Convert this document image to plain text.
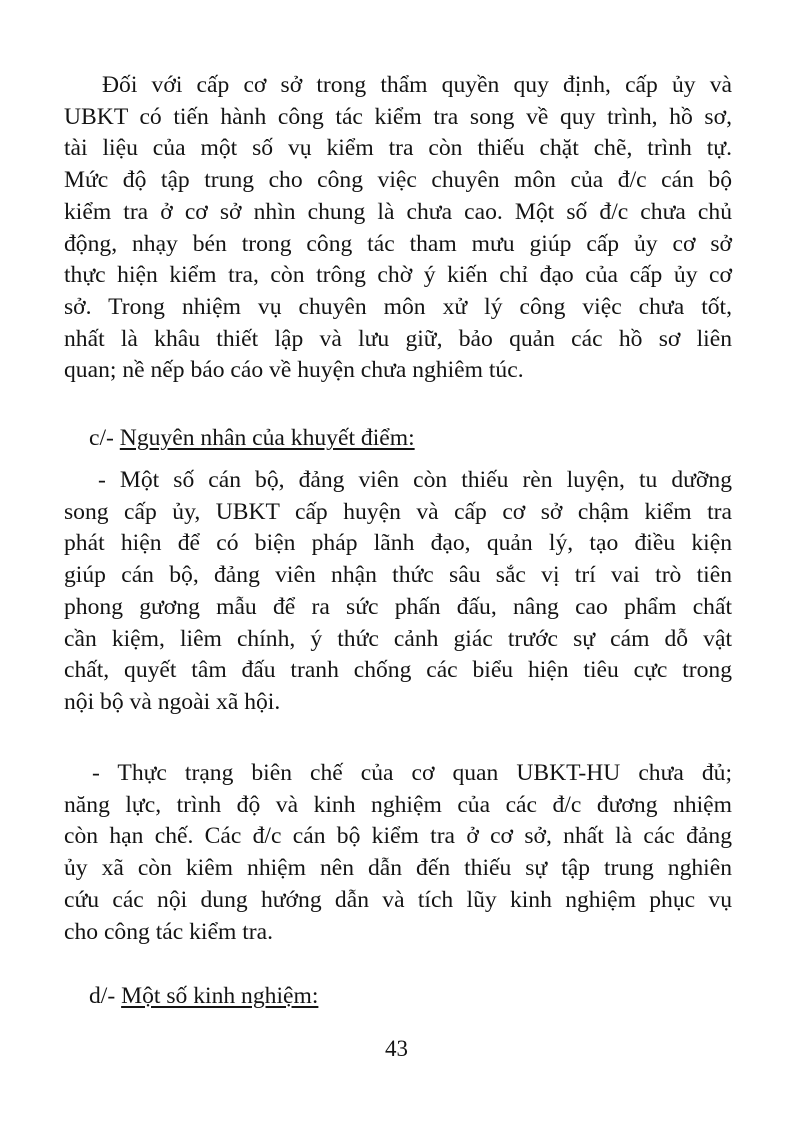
Đối với cấp cơ sở trong thẩm quyền quy định, cấp ủy và
UBKT có tiến hành công tác kiểm tra song về quy trình, hồ sơ,
tài liệu của một số vụ kiểm tra còn thiếu chặt chẽ, trình tự.
Mức độ tập trung cho công việc chuyên môn của đ/c cán bộ
kiểm tra ở cơ sở nhìn chung là chưa cao. Một số đ/c chưa chủ
động, nhạy bén trong công tác tham mưu giúp cấp ủy cơ sở
thực hiện kiểm tra, còn trông chờ ý kiến chỉ đạo của cấp ủy cơ
sở. Trong nhiệm vụ chuyên môn xử lý công việc chưa tốt,
nhất là khâu thiết lập và lưu giữ, bảo quản các hồ sơ liên
quan; nề nếp báo cáo về huyện chưa nghiêm túc.
c/- Nguyên nhân của khuyết điểm:
- Một số cán bộ, đảng viên còn thiếu rèn luyện, tu dưỡng
song cấp ủy, UBKT cấp huyện và cấp cơ sở chậm kiểm tra
phát hiện để có biện pháp lãnh đạo, quản lý, tạo điều kiện
giúp cán bộ, đảng viên nhận thức sâu sắc vị trí vai trò tiên
phong gương mẫu để ra sức phấn đấu, nâng cao phẩm chất
cần kiệm, liêm chính, ý thức cảnh giác trước sự cám dỗ vật
chất, quyết tâm đấu tranh chống các biểu hiện tiêu cực trong
nội bộ và ngoài xã hội.
- Thực trạng biên chế của cơ quan UBKT-HU chưa đủ;
năng lực, trình độ và kinh nghiệm của các đ/c đương nhiệm
còn hạn chế. Các đ/c cán bộ kiểm tra ở cơ sở, nhất là các đảng
ủy xã còn kiêm nhiệm nên dẫn đến thiếu sự tập trung nghiên
cứu các nội dung hướng dẫn và tích lũy kinh nghiệm phục vụ
cho công tác kiểm tra.
d/- Một số kinh nghiệm:
43
